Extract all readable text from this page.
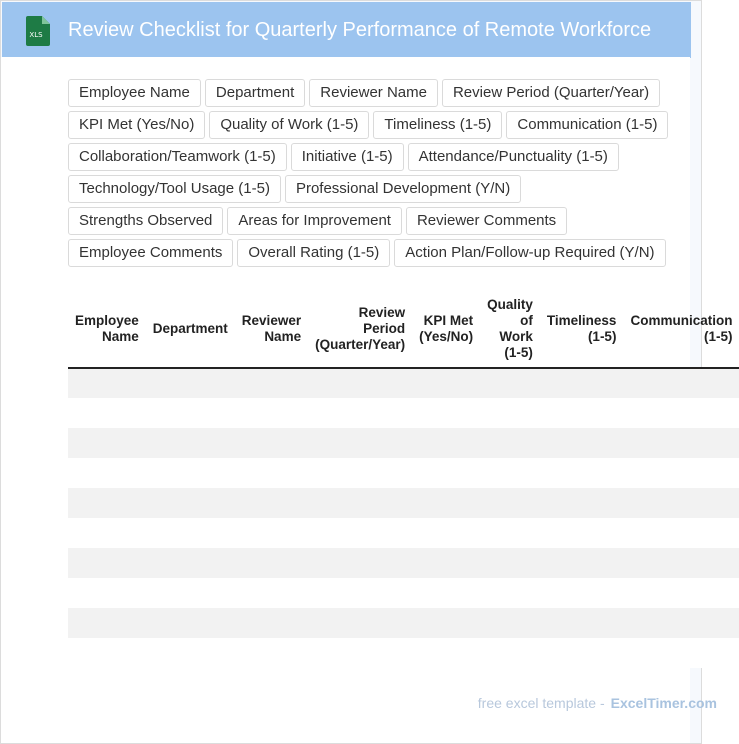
XLS Review Checklist for Quarterly Performance of Remote Workforce
Employee Name	Department	Reviewer Name	Review Period (Quarter/Year)
KPI Met (Yes/No)	Quality of Work (1-5)	Timeliness (1-5)	Communication (1-5)
Collaboration/Teamwork (1-5)	Initiative (1-5)	Attendance/Punctuality (1-5)
Technology/Tool Usage (1-5)	Professional Development (Y/N)
Strengths Observed	Areas for Improvement	Reviewer Comments
Employee Comments	Overall Rating (1-5)	Action Plan/Follow-up Required (Y/N)
Employee Name	Department	Reviewer Name	Review Period (Quarter/Year)	KPI Met (Yes/No)	Quality of Work (1-5)	Timeliness (1-5)	Communication (1-5)

free excel template - ExcelTimer.com
